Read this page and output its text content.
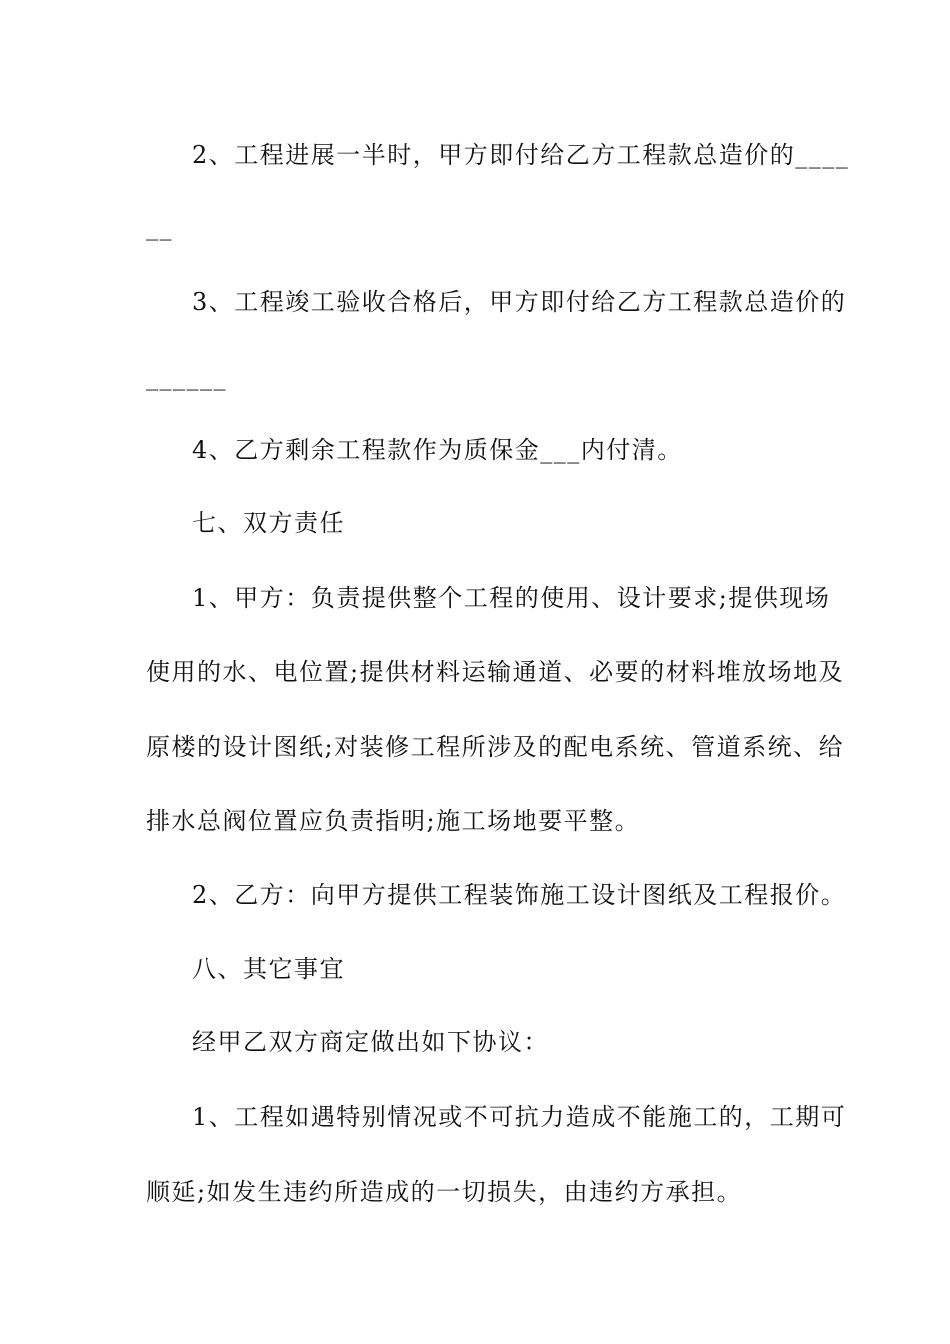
2、工程进展一半时，甲方即付给乙方工程款总造价的____
__
3、工程竣工验收合格后，甲方即付给乙方工程款总造价的
______
4、乙方剩余工程款作为质保金___内付清。
七、双方责任
1、甲方：负责提供整个工程的使用、设计要求;提供现场
使用的水、电位置;提供材料运输通道、必要的材料堆放场地及
原楼的设计图纸;对装修工程所涉及的配电系统、管道系统、给
排水总阀位置应负责指明;施工场地要平整。
2、乙方：向甲方提供工程装饰施工设计图纸及工程报价。
八、其它事宜
经甲乙双方商定做出如下协议：
1、工程如遇特别情况或不可抗力造成不能施工的，工期可
顺延;如发生违约所造成的一切损失，由违约方承担。
